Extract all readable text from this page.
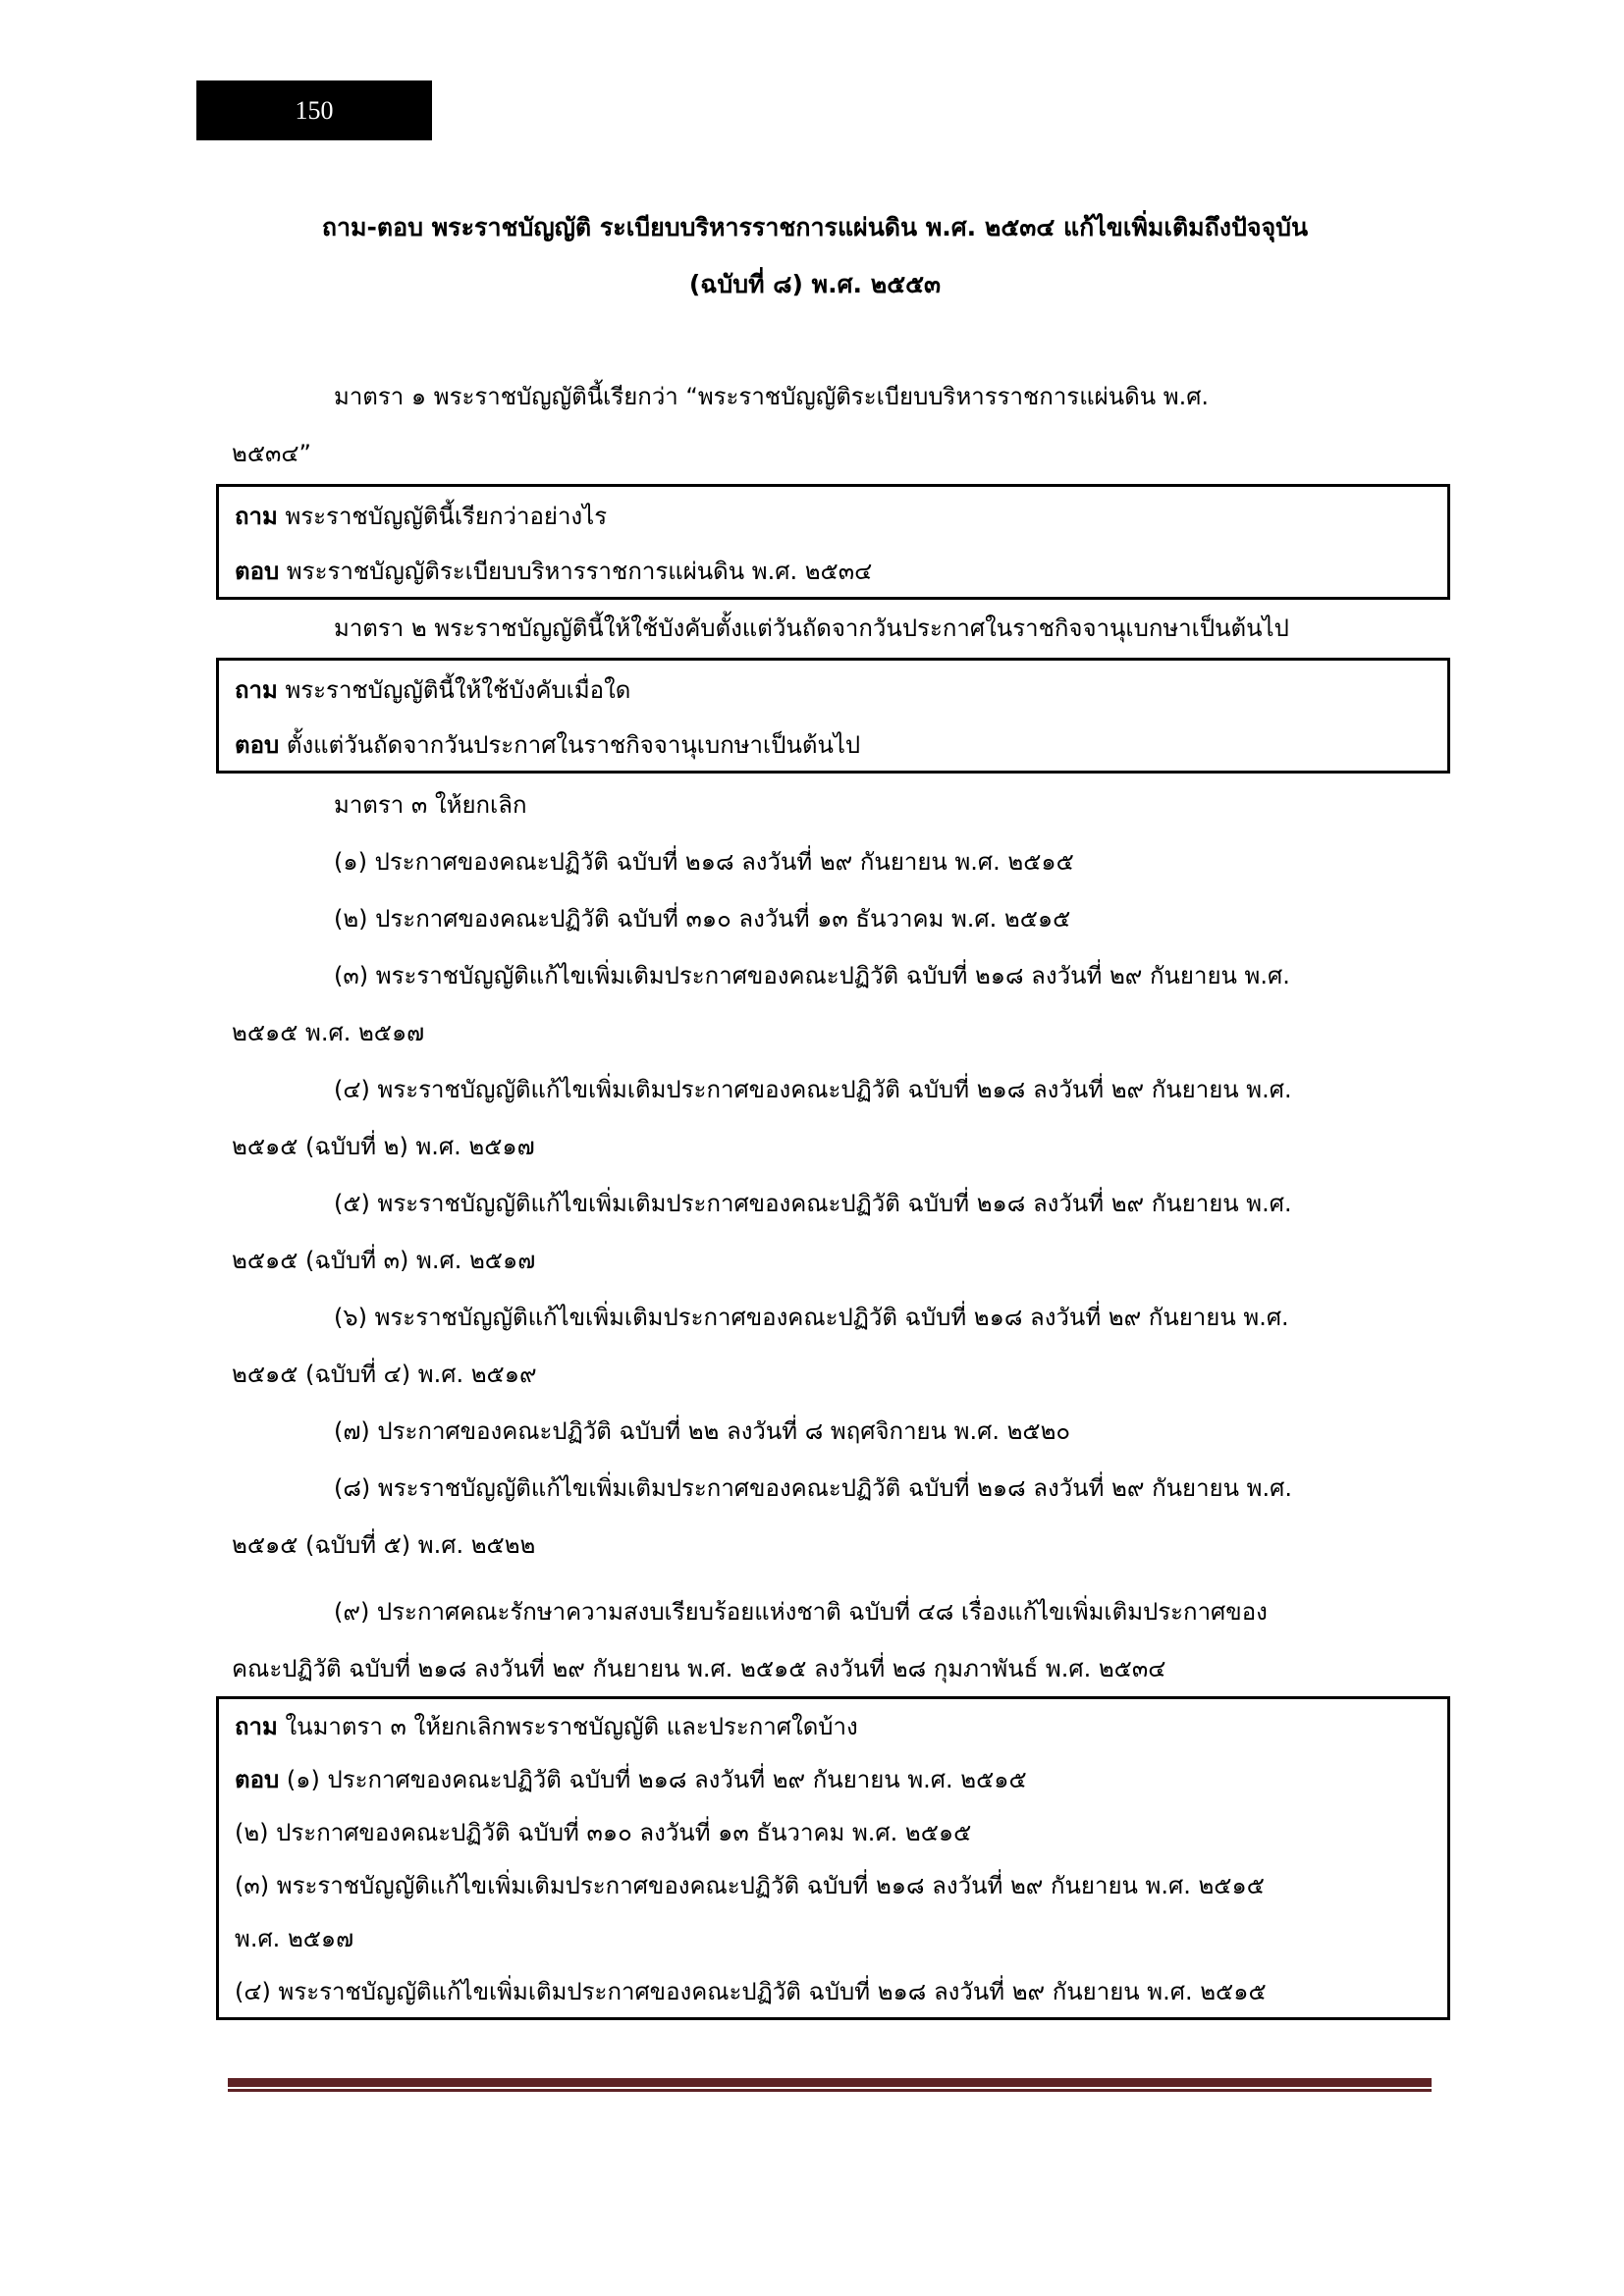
150
ถาม-ตอบ พระราชบัญญัติ ระเบียบบริหารราชการแผ่นดิน พ.ศ. ๒๕๓๔ แก้ไขเพิ่มเติมถึงปัจจุบัน
(ฉบับที่ ๘) พ.ศ. ๒๕๕๓
มาตรา ๑ พระราชบัญญัตินี้เรียกว่า “พระราชบัญญัติระเบียบบริหารราชการแผ่นดิน พ.ศ.
๒๕๓๔”
ถาม พระราชบัญญัตินี้เรียกว่าอย่างไร
ตอบ พระราชบัญญัติระเบียบบริหารราชการแผ่นดิน พ.ศ. ๒๕๓๔
มาตรา ๒ พระราชบัญญัตินี้ให้ใช้บังคับตั้งแต่วันถัดจากวันประกาศในราชกิจจานุเบกษาเป็นต้นไป
ถาม พระราชบัญญัตินี้ให้ใช้บังคับเมื่อใด
ตอบ ตั้งแต่วันถัดจากวันประกาศในราชกิจจานุเบกษาเป็นต้นไป
มาตรา ๓ ให้ยกเลิก
(๑) ประกาศของคณะปฏิวัติ ฉบับที่ ๒๑๘ ลงวันที่ ๒๙ กันยายน พ.ศ. ๒๕๑๕
(๒) ประกาศของคณะปฏิวัติ ฉบับที่ ๓๑๐ ลงวันที่ ๑๓ ธันวาคม พ.ศ. ๒๕๑๕
(๓) พระราชบัญญัติแก้ไขเพิ่มเติมประกาศของคณะปฏิวัติ ฉบับที่ ๒๑๘ ลงวันที่ ๒๙ กันยายน พ.ศ.
๒๕๑๕ พ.ศ. ๒๕๑๗
(๔) พระราชบัญญัติแก้ไขเพิ่มเติมประกาศของคณะปฏิวัติ ฉบับที่ ๒๑๘ ลงวันที่ ๒๙ กันยายน พ.ศ.
๒๕๑๕ (ฉบับที่ ๒) พ.ศ. ๒๕๑๗
(๕) พระราชบัญญัติแก้ไขเพิ่มเติมประกาศของคณะปฏิวัติ ฉบับที่ ๒๑๘ ลงวันที่ ๒๙ กันยายน พ.ศ.
๒๕๑๕ (ฉบับที่ ๓) พ.ศ. ๒๕๑๗
(๖) พระราชบัญญัติแก้ไขเพิ่มเติมประกาศของคณะปฏิวัติ ฉบับที่ ๒๑๘ ลงวันที่ ๒๙ กันยายน พ.ศ.
๒๕๑๕ (ฉบับที่ ๔) พ.ศ. ๒๕๑๙
(๗) ประกาศของคณะปฏิวัติ ฉบับที่ ๒๒ ลงวันที่ ๘ พฤศจิกายน พ.ศ. ๒๕๒๐
(๘) พระราชบัญญัติแก้ไขเพิ่มเติมประกาศของคณะปฏิวัติ ฉบับที่ ๒๑๘ ลงวันที่ ๒๙ กันยายน พ.ศ.
๒๕๑๕ (ฉบับที่ ๕) พ.ศ. ๒๕๒๒
(๙) ประกาศคณะรักษาความสงบเรียบร้อยแห่งชาติ ฉบับที่ ๔๘ เรื่องแก้ไขเพิ่มเติมประกาศของ
คณะปฏิวัติ ฉบับที่ ๒๑๘ ลงวันที่ ๒๙ กันยายน พ.ศ. ๒๕๑๕ ลงวันที่ ๒๘ กุมภาพันธ์ พ.ศ. ๒๕๓๔
ถาม ในมาตรา ๓ ให้ยกเลิกพระราชบัญญัติ และประกาศใดบ้าง
ตอบ (๑) ประกาศของคณะปฏิวัติ ฉบับที่ ๒๑๘ ลงวันที่ ๒๙ กันยายน พ.ศ. ๒๕๑๕
(๒) ประกาศของคณะปฏิวัติ ฉบับที่ ๓๑๐ ลงวันที่ ๑๓ ธันวาคม พ.ศ. ๒๕๑๕
(๓) พระราชบัญญัติแก้ไขเพิ่มเติมประกาศของคณะปฏิวัติ ฉบับที่ ๒๑๘ ลงวันที่ ๒๙ กันยายน พ.ศ. ๒๕๑๕
พ.ศ. ๒๕๑๗
(๔) พระราชบัญญัติแก้ไขเพิ่มเติมประกาศของคณะปฏิวัติ ฉบับที่ ๒๑๘ ลงวันที่ ๒๙ กันยายน พ.ศ. ๒๕๑๕
